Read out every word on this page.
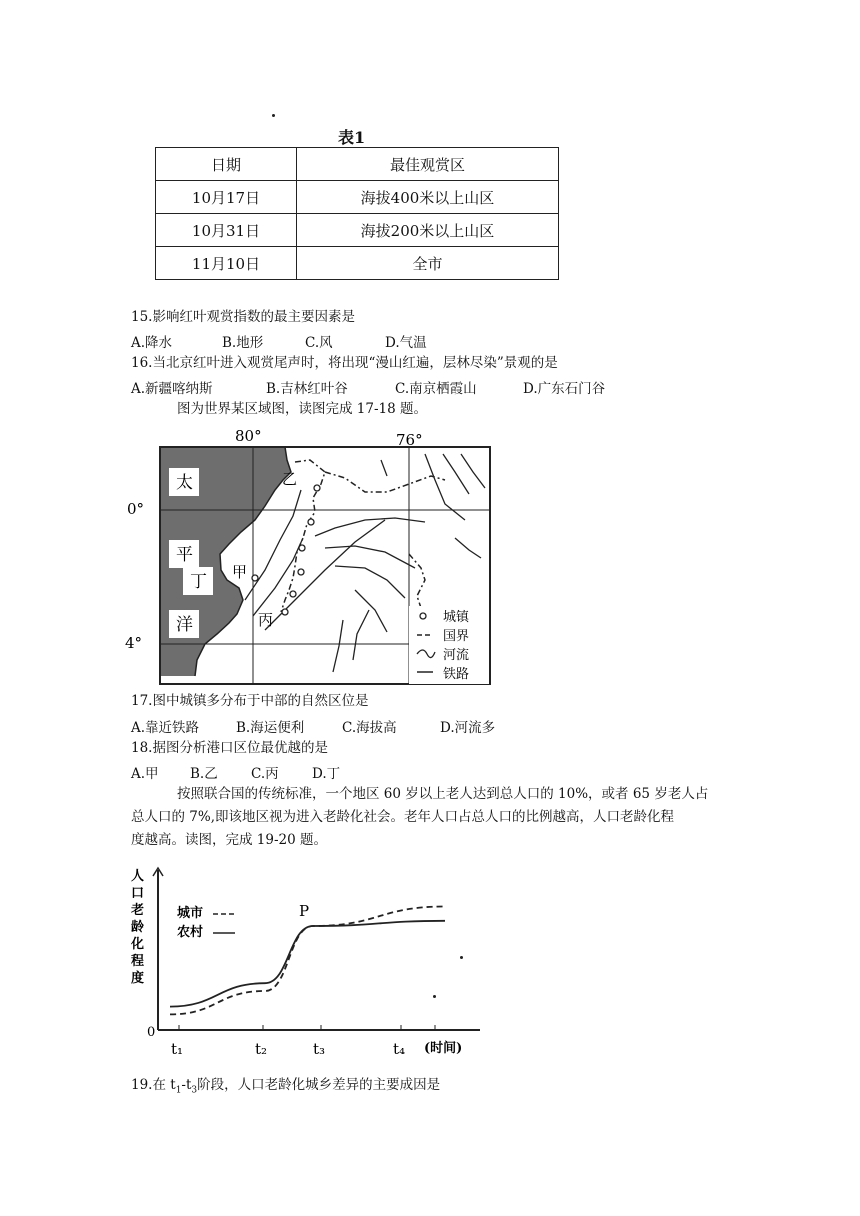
表1
日期	最佳观赏区
10月17日	海拔400米以上山区
10月31日	海拔200米以上山区
11月10日	全市
15.影响红叶观赏指数的最主要因素是
A.降水	B.地形	C.风	D.气温
16.当北京红叶进入观赏尾声时，将出现“漫山红遍，层林尽染”景观的是
A.新疆喀纳斯	B.吉林红叶谷	C.南京栖霞山	D.广东石门谷
图为世界某区域图，读图完成 17-18 题。
80°	76°
0°
4°
太
平
洋
乙
甲
丁
丙	城镇
国界
河流
铁路
17.图中城镇多分布于中部的自然区位是
A.靠近铁路	B.海运便利	C.海拔高	D.河流多
18.据图分析港口区位最优越的是
A.甲 B.乙 C.丙 D.丁
按照联合国的传统标准，一个地区 60 岁以上老人达到总人口的 10%，或者 65 岁老人占
总人口的 7%,即该地区视为进入老龄化社会。老年人口占总人口的比例越高，人口老龄化程
度越高。读图，完成 19-20 题。
人口老龄化程度
0
(时间)
城市
农村
P
t₁	t₂	t₃	t₄
19.在 $t_1-t_3$阶段，人口老龄化城乡差异的主要成因是
